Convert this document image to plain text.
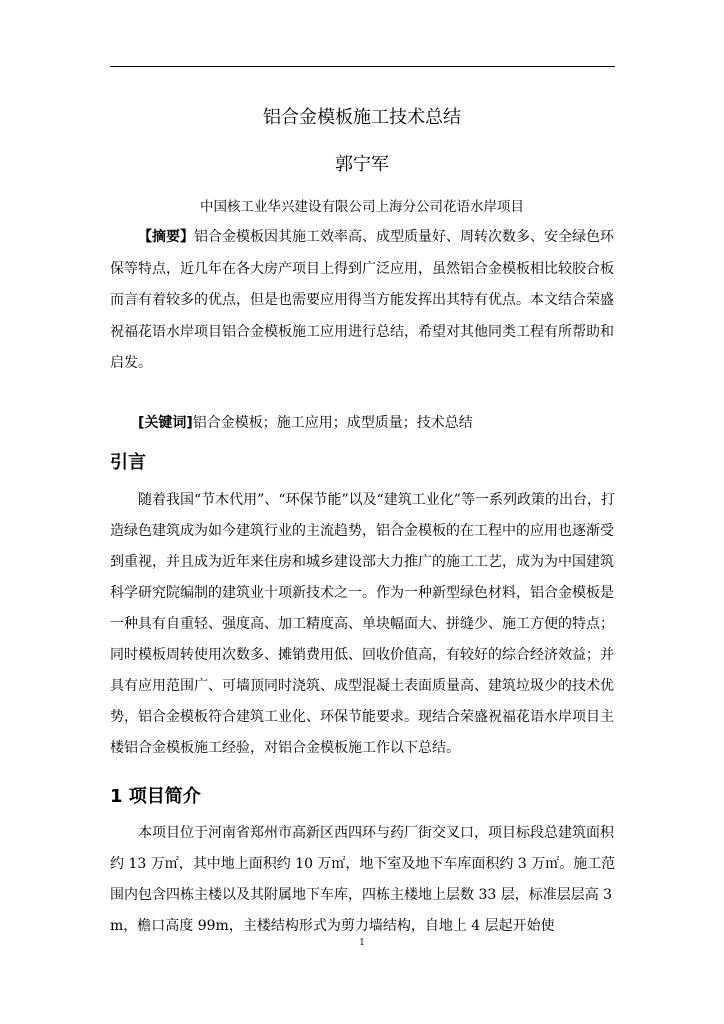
铝合金模板施工技术总结
郭宁军
中国核工业华兴建设有限公司上海分公司花语水岸项目

【摘要】铝合金模板因其施工效率高、成型质量好、周转次数多、安全绿色环保等特点，近几年在各大房产项目上得到广泛应用，虽然铝合金模板相比较胶合板而言有着较多的优点，但是也需要应用得当方能发挥出其特有优点。本文结合荣盛祝福花语水岸项目铝合金模板施工应用进行总结，希望对其他同类工程有所帮助和启发。

[关键词]铝合金模板；施工应用；成型质量；技术总结

引言

随着我国“节木代用”、“环保节能”以及“建筑工业化”等一系列政策的出台，打造绿色建筑成为如今建筑行业的主流趋势，铝合金模板的在工程中的应用也逐渐受到重视，并且成为近年来住房和城乡建设部大力推广的施工工艺，成为为中国建筑科学研究院编制的建筑业十项新技术之一。作为一种新型绿色材料，铝合金模板是一种具有自重轻、强度高、加工精度高、单块幅面大、拼缝少、施工方便的特点；同时模板周转使用次数多、摊销费用低、回收价值高，有较好的综合经济效益；并具有应用范围广、可墙顶同时浇筑、成型混凝土表面质量高、建筑垃圾少的技术优势，铝合金模板符合建筑工业化、环保节能要求。现结合荣盛祝福花语水岸项目主楼铝合金模板施工经验，对铝合金模板施工作以下总结。

1 项目简介

本项目位于河南省郑州市高新区西四环与药厂街交叉口，项目标段总建筑面积约 13 万㎡，其中地上面积约 10 万㎡，地下室及地下车库面积约 3 万㎡。施工范围内包含四栋主楼以及其附属地下车库，四栋主楼地上层数 33 层，标准层层高 3m，檐口高度 99m，主楼结构形式为剪力墙结构，自地上 4 层起开始使

1
